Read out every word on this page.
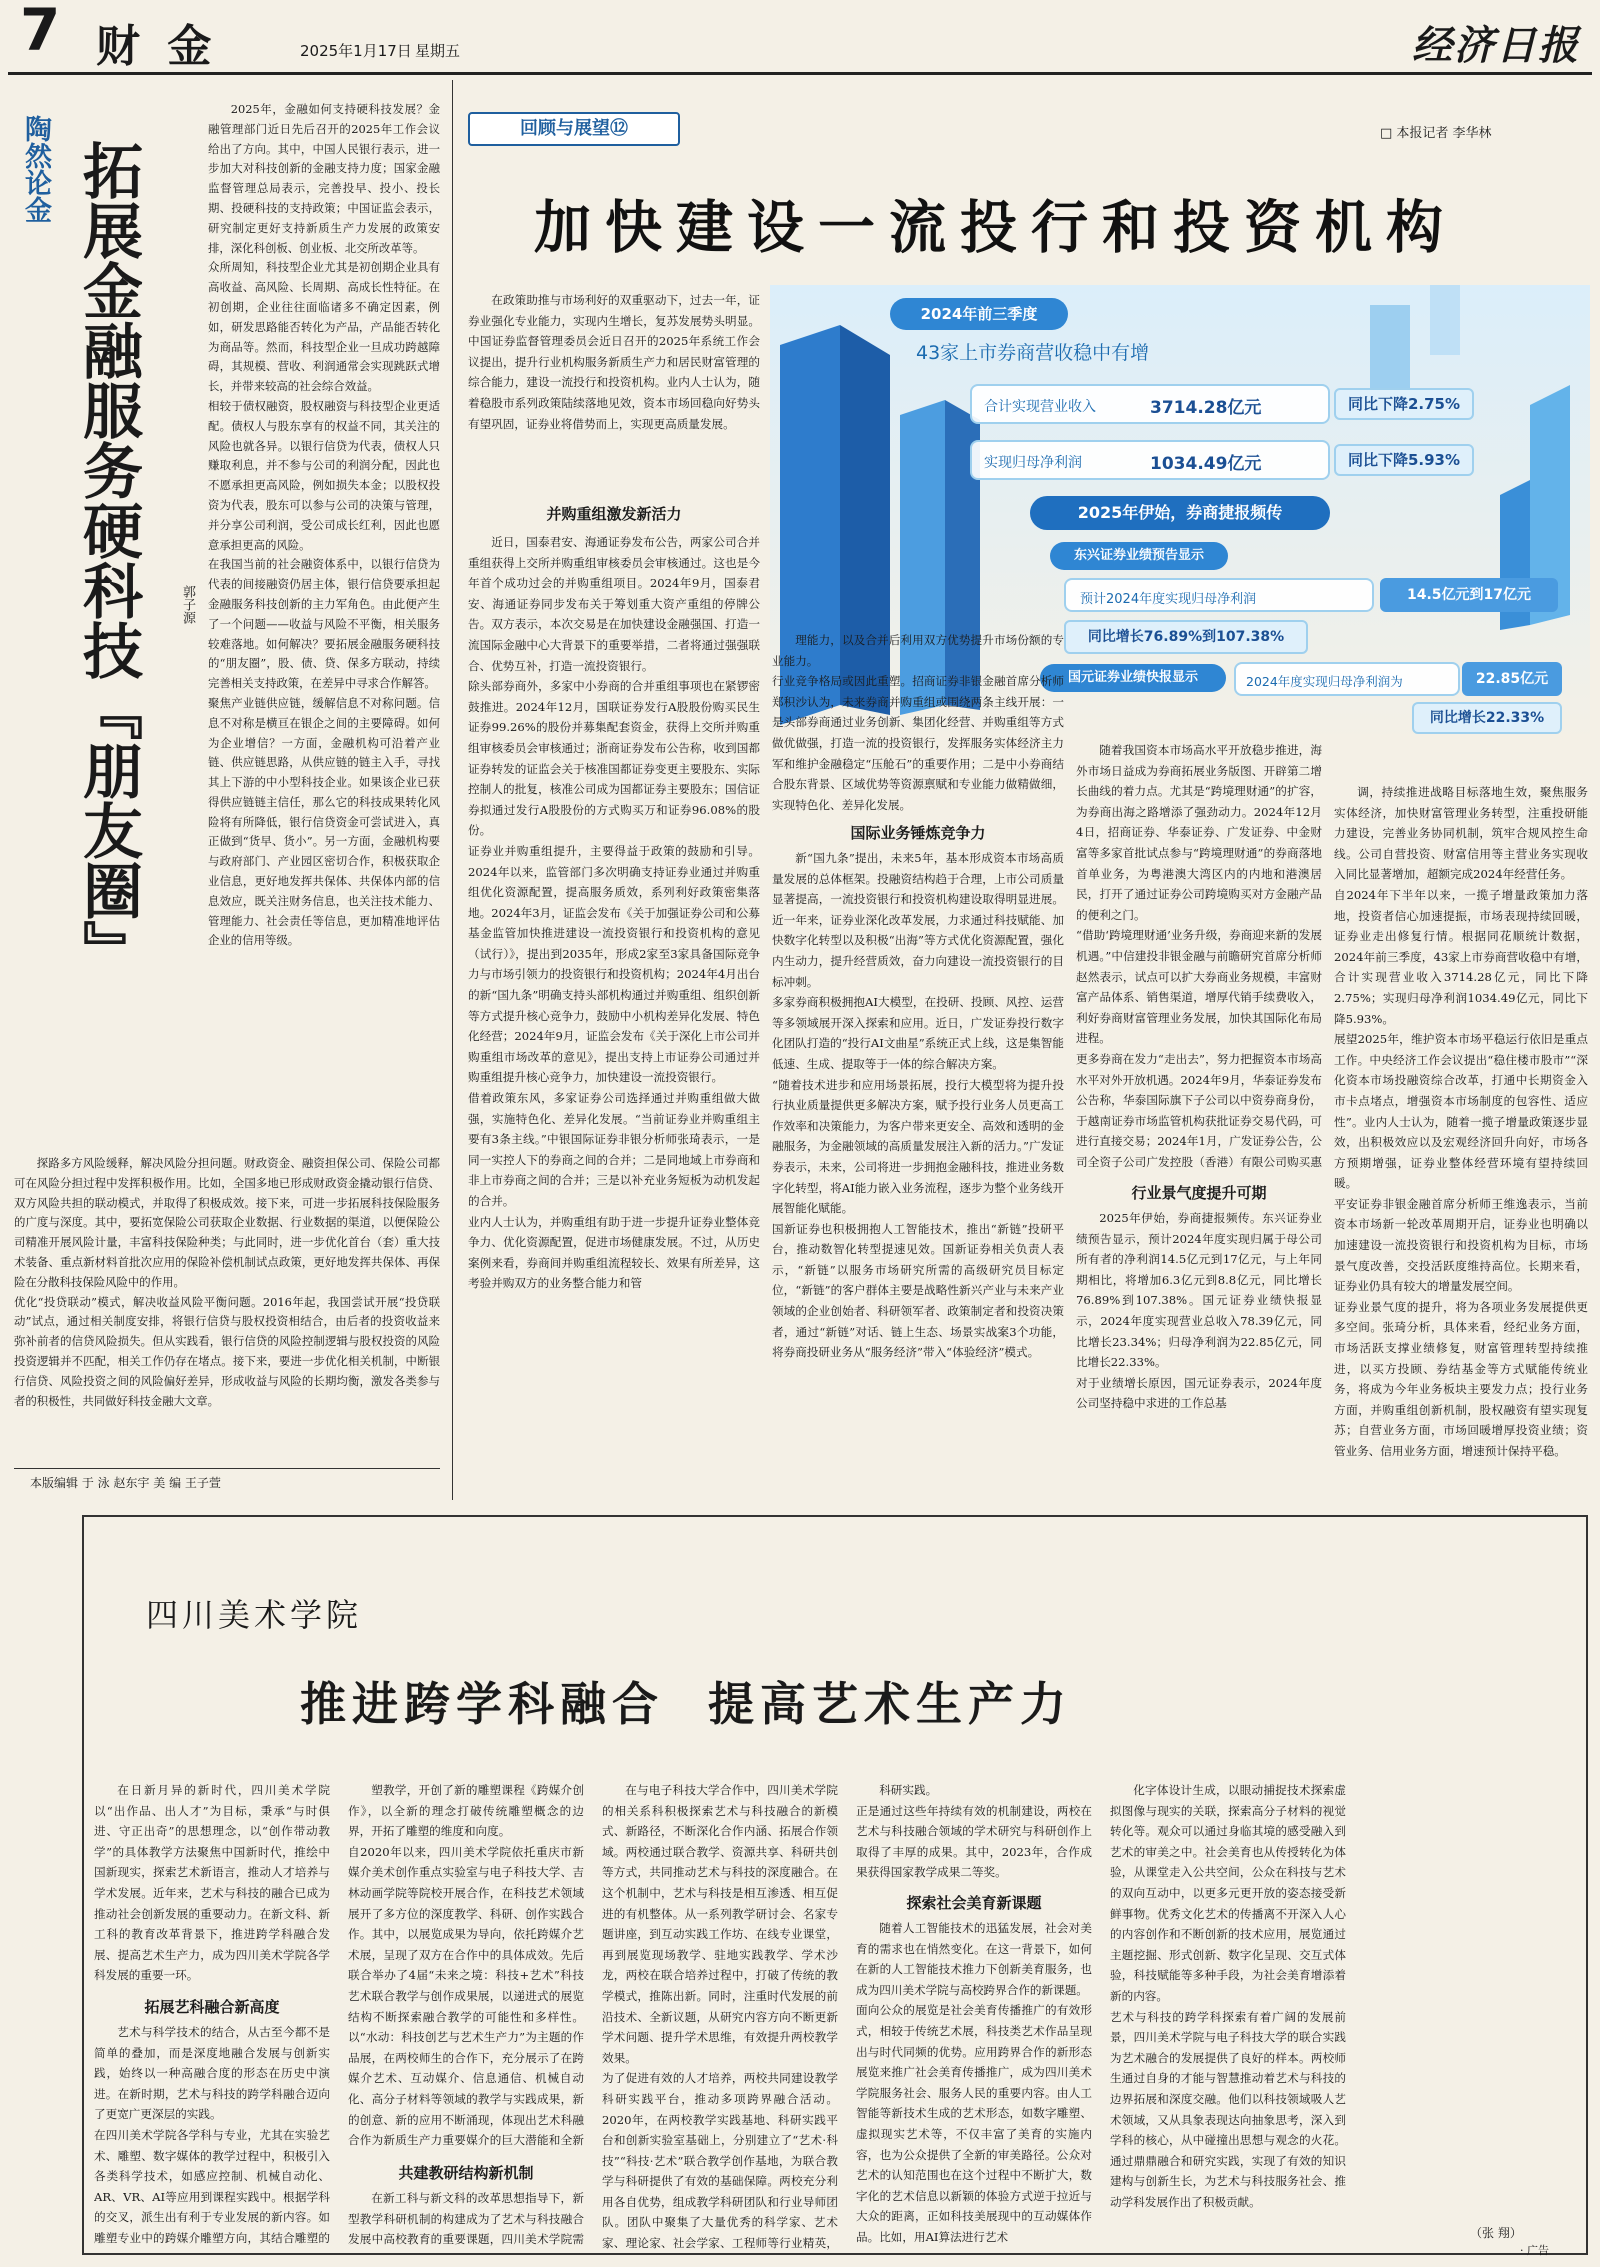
7 财 金	2025年1月17日 星期五	经济日报
陶然论金 拓展金融服务硬科技『朋友圈』	郭子源
2025年，金融如何支持硬科技发展？金融管理部门近日先后召开的2025年工作会议给出了方向。其中，中国人民银行表示，进一步加大对科技创新的金融支持力度；国家金融监督管理总局表示，完善投早、投小、投长期、投硬科技的支持政策；中国证监会表示，研究制定更好支持新质生产力发展的政策安排，深化科创板、创业板、北交所改革等。
众所周知，科技型企业尤其是初创期企业具有高收益、高风险、长周期、高成长性特征。在初创期，企业往往面临诸多不确定因素，例如，研发思路能否转化为产品，产品能否转化为商品等。然而，科技型企业一旦成功跨越障碍，其规模、营收、利润通常会实现跳跃式增长，并带来较高的社会综合效益。
相较于债权融资，股权融资与科技型企业更适配。债权人与股东享有的权益不同，其关注的风险也就各异。以银行信贷为代表，债权人只赚取利息，并不参与公司的利润分配，因此也不愿承担更高风险，例如损失本金；以股权投资为代表，股东可以参与公司的决策与管理，并分享公司利润，受公司成长红利，因此也愿意承担更高的风险。
在我国当前的社会融资体系中，以银行信贷为代表的间接融资仍居主体，银行信贷要承担起金融服务科技创新的主力军角色。由此便产生了一个问题——收益与风险不平衡，相关服务较难落地。如何解决？要拓展金融服务硬科技的“朋友圈”，股、债、贷、保多方联动，持续完善相关支持政策，在差异中寻求合作解答。
聚焦产业链供应链，缓解信息不对称问题。信息不对称是横亘在银企之间的主要障碍。如何为企业增信？一方面，金融机构可沿着产业链、供应链思路，从供应链的链主入手，寻找其上下游的中小型科技企业。如果该企业已获得供应链链主信任，那么它的科技成果转化风险将有所降低，银行信贷资金可尝试进入，真正做到“货早、货小”。另一方面，金融机构要与政府部门、产业园区密切合作，积极获取企业信息，更好地发挥共保体、共保体内部的信息效应，既关注财务信息，也关注技术能力、管理能力、社会责任等信息，更加精准地评估企业的信用等级。
探路多方风险缓释，解决风险分担问题。财政资金、融资担保公司、保险公司都可在风险分担过程中发挥积极作用。比如，全国多地已形成财政资金撬动银行信贷、双方风险共担的联动模式，并取得了积极成效。接下来，可进一步拓展科技保险服务的广度与深度。其中，要拓宽保险公司获取企业数据、行业数据的渠道，以便保险公司精准开展风险计量，丰富科技保险种类；与此同时，进一步优化首台（套）重大技术装备、重点新材料首批次应用的保险补偿机制试点政策，更好地发挥共保体、再保险在分散科技保险风险中的作用。
优化“投贷联动”模式，解决收益风险平衡问题。2016年起，我国尝试开展“投贷联动”试点，通过相关制度安排，将银行信贷与股权投资相结合，由后者的投资收益来弥补前者的信贷风险损失。但从实践看，银行信贷的风险控制逻辑与股权投资的风险投资逻辑并不匹配，相关工作仍存在堵点。接下来，要进一步优化相关机制，中断银行信贷、风险投资之间的风险偏好差异，形成收益与风险的长期均衡，激发各类参与者的积极性，共同做好科技金融大文章。
本版编辑 于 泳 赵东宇 美 编 王子萱
回顾与展望⑫	□ 本报记者 李华林
加快建设一流投行和投资机构
2024年前三季度
43家上市券商营收稳中有增
合计实现营业收入	3714.28亿元	同比下降2.75%
实现归母净利润	1034.49亿元	同比下降5.93%
2025年伊始，券商捷报频传
东兴证券业绩预告显示
预计2024年度实现归母净利润	14.5亿元到17亿元
同比增长76.89%到107.38%
国元证券业绩快报显示	2024年度实现归母净利润为	22.85亿元
同比增长22.33%
在政策助推与市场利好的双重驱动下，过去一年，证券业强化专业能力，实现内生增长，复苏发展势头明显。中国证券监督管理委员会近日召开的2025年系统工作会议提出，提升行业机构服务新质生产力和居民财富管理的综合能力，建设一流投行和投资机构。业内人士认为，随着稳股市系列政策陆续落地见效，资本市场回稳向好势头有望巩固，证券业将借势而上，实现更高质量发展。
并购重组激发新活力
近日，国泰君安、海通证券发布公告，两家公司合并重组获得上交所并购重组审核委员会审核通过。这也是今年首个成功过会的并购重组项目。2024年9月，国泰君安、海通证券同步发布关于筹划重大资产重组的停牌公告。双方表示，本次交易是在加快建设金融强国、打造一流国际金融中心大背景下的重要举措，二者将通过强强联合、优势互补，打造一流投资银行。
除头部券商外，多家中小券商的合并重组事项也在紧锣密鼓推进。2024年12月，国联证券发行A股股份购买民生证券99.26%的股份并募集配套资金，获得上交所并购重组审核委员会审核通过；浙商证券发布公告称，收到国都证券转发的证监会关于核准国都证券变更主要股东、实际控制人的批复，核准公司成为国都证券主要股东；国信证券拟通过发行A股股份的方式购买万和证券96.08%的股份。
证券业并购重组提升，主要得益于政策的鼓励和引导。2024年以来，监管部门多次明确支持证券业通过并购重组优化资源配置，提高服务质效，系列利好政策密集落地。2024年3月，证监会发布《关于加强证券公司和公募基金监管加快推进建设一流投资银行和投资机构的意见（试行）》，提出到2035年，形成2家至3家具备国际竞争力与市场引领力的投资银行和投资机构；2024年4月出台的新“国九条”明确支持头部机构通过并购重组、组织创新等方式提升核心竞争力，鼓励中小机构差异化发展、特色化经营；2024年9月，证监会发布《关于深化上市公司并购重组市场改革的意见》，提出支持上市证券公司通过并购重组提升核心竞争力，加快建设一流投资银行。
借着政策东风，多家证券公司选择通过并购重组做大做强，实施特色化、差异化发展。“当前证券业并购重组主要有3条主线。”中银国际证券非银分析师张琦表示，一是同一实控人下的券商之间的合并；二是同地域上市券商和非上市券商之间的合并；三是以补充业务短板为动机发起的合并。
业内人士认为，并购重组有助于进一步提升证券业整体竞争力、优化资源配置，促进市场健康发展。不过，从历史案例来看，券商间并购重组流程较长、效果有所差异，这考验并购双方的业务整合能力和管
理能力，以及合并后利用双方优势提升市场份额的专业能力。
行业竞争格局或因此重塑。招商证券非银金融首席分析师郑积沙认为，未来券商并购重组或围绕两条主线开展：一是头部券商通过业务创新、集团化经营、并购重组等方式做优做强，打造一流的投资银行，发挥服务实体经济主力军和维护金融稳定“压舱石”的重要作用；二是中小券商结合股东背景、区域优势等资源禀赋和专业能力做精做细，实现特色化、差异化发展。
国际业务锤炼竞争力
新“国九条”提出，未来5年，基本形成资本市场高质量发展的总体框架。投融资结构趋于合理，上市公司质量显著提高，一流投资银行和投资机构建设取得明显进展。近一年来，证券业深化改革发展，力求通过科技赋能、加快数字化转型以及积极“出海”等方式优化资源配置，强化内生动力，提升经营质效，奋力向建设一流投资银行的目标冲刺。
多家券商积极拥抱AI大模型，在投研、投顾、风控、运营等多领域展开深入探索和应用。近日，广发证券投行数字化团队打造的“投行AI文曲星”系统正式上线，这是集智能低速、生成、提取等于一体的综合解决方案。
“随着技术进步和应用场景拓展，投行大模型将为提升投行执业质量提供更多解决方案，赋予投行业务人员更高工作效率和决策能力，为客户带来更安全、高效和透明的金融服务，为金融领域的高质量发展注入新的活力。”广发证券表示，未来，公司将进一步拥抱金融科技，推进业务数字化转型，将AI能力嵌入业务流程，逐步为整个业务线开展智能化赋能。
国新证券也积极拥抱人工智能技术，推出“新链”投研平台，推动数智化转型提速见效。国新证券相关负责人表示，“新链”以服务市场研究所需的高级研究员目标定位，“新链”的客户群体主要是战略性新兴产业与未来产业领域的企业创始者、科研领军者、政策制定者和投资决策者，通过“新链”对话、链上生态、场景实战案3个功能，将券商投研业务从“服务经济”带入“体验经济”模式。
随着我国资本市场高水平开放稳步推进，海外市场日益成为券商拓展业务版图、开辟第二增长曲线的着力点。尤其是“跨境理财通”的扩容，为券商出海之路增添了强劲动力。2024年12月4日，招商证券、华泰证券、广发证券、中金财富等多家首批试点参与“跨境理财通”的券商落地首单业务，为粤港澳大湾区内的内地和港澳居民，打开了通过证券公司跨境购买对方金融产品的便利之门。
“借助‘跨境理财通’业务升级，券商迎来新的发展机遇。”中信建投非银金融与前瞻研究首席分析师赵然表示，试点可以扩大券商业务规模，丰富财富产品体系、销售渠道，增厚代销手续费收入，利好券商财富管理业务发展，加快其国际化布局进程。
更多券商在发力“走出去”，努力把握资本市场高水平对外开放机遇。2024年9月，华泰证券发布公告称，华泰国际旗下子公司以中资券商身份，于越南证券市场监管机构获批证券交易代码，可进行直接交易；2024年1月，广发证券公告，公司全资子公司广发控股（香港）有限公司购买惠

行业景气度提升可期
2025年伊始，券商捷报频传。东兴证券业绩预告显示，预计2024年度实现归属于母公司所有者的净利润14.5亿元到17亿元，与上年同期相比，将增加6.3亿元到8.8亿元，同比增长76.89%到107.38%。国元证券业绩快报显示，2024年度实现营业总收入78.39亿元，同比增长23.34%；归母净利润为22.85亿元，同比增长22.33%。
对于业绩增长原因，国元证券表示，2024年度公司坚持稳中求进的工作总基
调，持续推进战略目标落地生效，聚焦服务实体经济，加快财富管理业务转型，注重投研能力建设，完善业务协同机制，筑牢合规风控生命线。公司自营投资、财富信用等主营业务实现收入同比显著增加，超额完成2024年经营任务。
自2024年下半年以来，一揽子增量政策加力落地，投资者信心加速提振，市场表现持续回暖，证券业走出修复行情。根据同花顺统计数据，2024年前三季度，43家上市券商营收稳中有增，合计实现营业收入3714.28亿元，同比下降2.75%；实现归母净利润1034.49亿元，同比下降5.93%。
展望2025年，维护资本市场平稳运行依旧是重点工作。中央经济工作会议提出“稳住楼市股市”“深化资本市场投融资综合改革，打通中长期资金入市卡点堵点，增强资本市场制度的包容性、适应性”。业内人士认为，随着一揽子增量政策逐步显效，出积极效应以及宏观经济回升向好，市场各方预期增强，证券业整体经营环境有望持续回暖。
平安证券非银金融首席分析师王维逸表示，当前资本市场新一轮改革周期开启，证券业也明确以加速建设一流投资银行和投资机构为目标，市场景气度改善，交投活跃度维持高位。长期来看，证券业仍具有较大的增量发展空间。
证券业景气度的提升，将为各项业务发展提供更多空间。张琦分析，具体来看，经纪业务方面，市场活跃支撑业绩修复，财富管理转型持续推进，以买方投顾、券结基金等方式赋能传统业务，将成为今年业务板块主要发力点；投行业务方面，并购重组创新机制，股权融资有望实现复苏；自营业务方面，市场回暖增厚投资业绩；资管业务、信用业务方面，增速预计保持平稳。
四川美术学院
推进跨学科融合  提高艺术生产力
在日新月异的新时代，四川美术学院以“出作品、出人才”为目标，秉承“与时俱进、守正出奇”的思想理念，以“创作带动教学”的具体教学方法聚焦中国新时代，推绘中国新现实，探索艺术新语言，推动人才培养与学术发展。近年来，艺术与科技的融合已成为推动社会创新发展的重要动力。在新文科、新工科的教育改革背景下，推进跨学科融合发展、提高艺术生产力，成为四川美术学院各学科发展的重要一环。
拓展艺科融合新高度
艺术与科学技术的结合，从古至今都不是简单的叠加，而是深度地融合发展与创新实践，始终以一种高融合度的形态在历史中演进。在新时期，艺术与科技的跨学科融合迈向了更宽广更深层的实践。
在四川美术学院各学科与专业，尤其在实验艺术、雕塑、数字媒体的教学过程中，积极引入各类科学技术，如感应控制、机械自动化、AR、VR、AI等应用到课程实践中。根据学科的交叉，派生出有利于专业发展的新内容。如雕塑专业中的跨媒介雕塑方向，其结合雕塑的
塑教学，开创了新的雕塑课程《跨媒介创作》，以全新的理念打破传统雕塑概念的边界，开拓了雕塑的维度和向度。
自2020年以来，四川美术学院依托重庆市新媒介美术创作重点实验室与电子科技大学、吉林动画学院等院校开展合作，在科技艺术领域展开了多方位的深度教学、科研、创作实践合作。其中，以展览成果为导向，依托跨媒介艺术展，呈现了双方在合作中的具体成效。先后联合举办了4届“未来之境：科技+艺术”科技艺术联合教学与创作成果展，以递进式的展览结构不断探索融合教学的可能性和多样性。以“水动：科技创艺与艺术生产力”为主题的作品展，在两校师生的合作下，充分展示了在跨媒介艺术、互动媒介、信息通信、机械自动化、高分子材料等领域的教学与实践成果，新的创意、新的应用不断涌现，体现出艺术科融合作为新质生产力重要媒介的巨大潜能和全新
共建教研结构新机制
在新工科与新文科的改革思想指导下，新型教学科研机制的构建成为了艺术与科技融合发展中高校教育的重要课题，四川美术学院需
在与电子科技大学合作中，四川美术学院的相关系科积极探索艺术与科技融合的新模式、新路径，不断深化合作内涵、拓展合作领域。两校通过联合教学、资源共享、科研共创等方式，共同推动艺术与科技的深度融合。在这个机制中，艺术与科技是相互渗透、相互促进的有机整体。从一系列教学研讨会、名家专题讲座，到互动实践工作坊、在线专业课堂，再到展览现场教学、驻地实践教学、学术沙龙，两校在联合培养过程中，打破了传统的教学模式，推陈出新。同时，注重时代发展的前沿技术、全新议题，从研究内容方向不断更新学术问题、提升学术思维，有效提升两校教学效果。
为了促进有效的人才培养，两校共同建设教学科研实践平台，推动多项跨界融合活动。2020年，在两校教学实践基地、科研实践平台和创新实验室基础上，分别建立了“艺术·科技”“科技·艺术”联合教学创作基地，为联合教学与科研提供了有效的基础保障。两校充分利用各自优势，组成教学科研团队和行业导师团队。团队中聚集了大量优秀的科学家、艺术家、理论家、社会学家、工程师等行业精英，
科研实践。
正是通过这些年持续有效的机制建设，两校在艺术与科技融合领域的学术研究与科研创作上取得了丰厚的成果。其中，2023年，合作成果获得国家教学成果二等奖。
探索社会美育新课题
随着人工智能技术的迅猛发展，社会对美育的需求也在悄然变化。在这一背景下，如何在新的人工智能技术推力下创新美育服务，也成为四川美术学院与高校跨界合作的新课题。
面向公众的展览是社会美育传播推广的有效形式，相较于传统艺术展，科技类艺术作品呈现出与时代同频的优势。应用跨界合作的新形态展览来推广社会美育传播推广，成为四川美术学院服务社会、服务人民的重要内容。由人工智能等新技术生成的艺术形态，如数字雕塑、虚拟现实艺术等，不仅丰富了美育的实施内容，也为公众提供了全新的审美路径。公众对艺术的认知范围也在这个过程中不断扩大，数字化的艺术信息以新颖的体验方式逆于拉近与大众的距离，正如科技美展现中的互动媒体作品。比如，用AI算法进行艺术
化字体设计生成，以眼动捕捉技术探索虚拟图像与现实的关联，探索高分子材料的视觉转化等。观众可以通过身临其境的感受融入到艺术的审美之中。社会美育也从传授转化为体验，从课堂走入公共空间，公众在科技与艺术的双向互动中，以更多元更开放的姿态接受新鲜事物。优秀文化艺术的传播离不开深入人心的内容创作和不断创新的技术应用，展览通过主题挖掘、形式创新、数字化呈现、交互式体验，科技赋能等多种手段，为社会美育增添着新的内容。
艺术与科技的跨学科探索有着广阔的发展前景，四川美术学院与电子科技大学的联合实践为艺术融合的发展提供了良好的样本。两校师生通过自身的才能与智慧推动着艺术与科技的边界拓展和深度交融。他们以科技领域吸人艺术领域，又从具象表现达向抽象思考，深入到学科的核心，从中碰撞出思想与观念的火花。通过鼎鼎融合和研究实践，实现了有效的知识建构与创新生长，为艺术与科技服务社会、推动学科发展作出了积极贡献。
（张 翔）
· 广告
